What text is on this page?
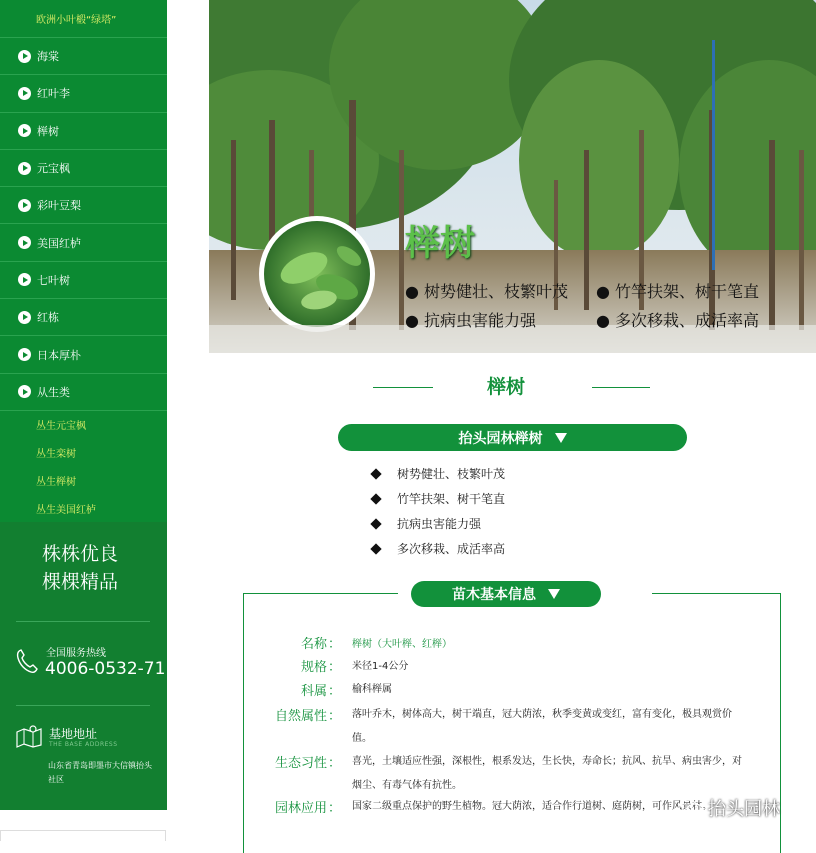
欧洲小叶椴“绿塔”
海棠
红叶李
榉树
元宝枫
彩叶豆梨
美国红栌
七叶树
红栋
日本厚朴
从生类
丛生元宝枫
丛生栾树
丛生榉树
丛生美国红栌
株株优良
棵棵精品
全国服务热线
4006-0532-71
基地地址
THE BASE ADDRESS
山东省青岛即墨市大信镇抬头社区
榉树
● 树势健壮、枝繁叶茂 ● 竹竿扶架、树干笔直
● 抗病虫害能力强	● 多次移栽、成活率高
榉树
抬头园林榉树
树势健壮、枝繁叶茂
竹竿扶架、树干笔直
抗病虫害能力强
多次移栽、成活率高
苗木基本信息
名称： 榉树（大叶榉、红榉）
规格： 米径1-4公分
科属： 榆科榉属
自然属性： 落叶乔木，树体高大，树干端直，冠大荫浓，秋季变黄或变红，富有变化，极具观赏价值。
生态习性： 喜光，土壤适应性强，深根性，根系发达，生长快，寿命长；抗风、抗旱、病虫害少，对烟尘、有毒气体有抗性。
园林应用： 国家二级重点保护的野生植物。冠大荫浓，适合作行道树、庭荫树，可作风景林。
抬头园林
